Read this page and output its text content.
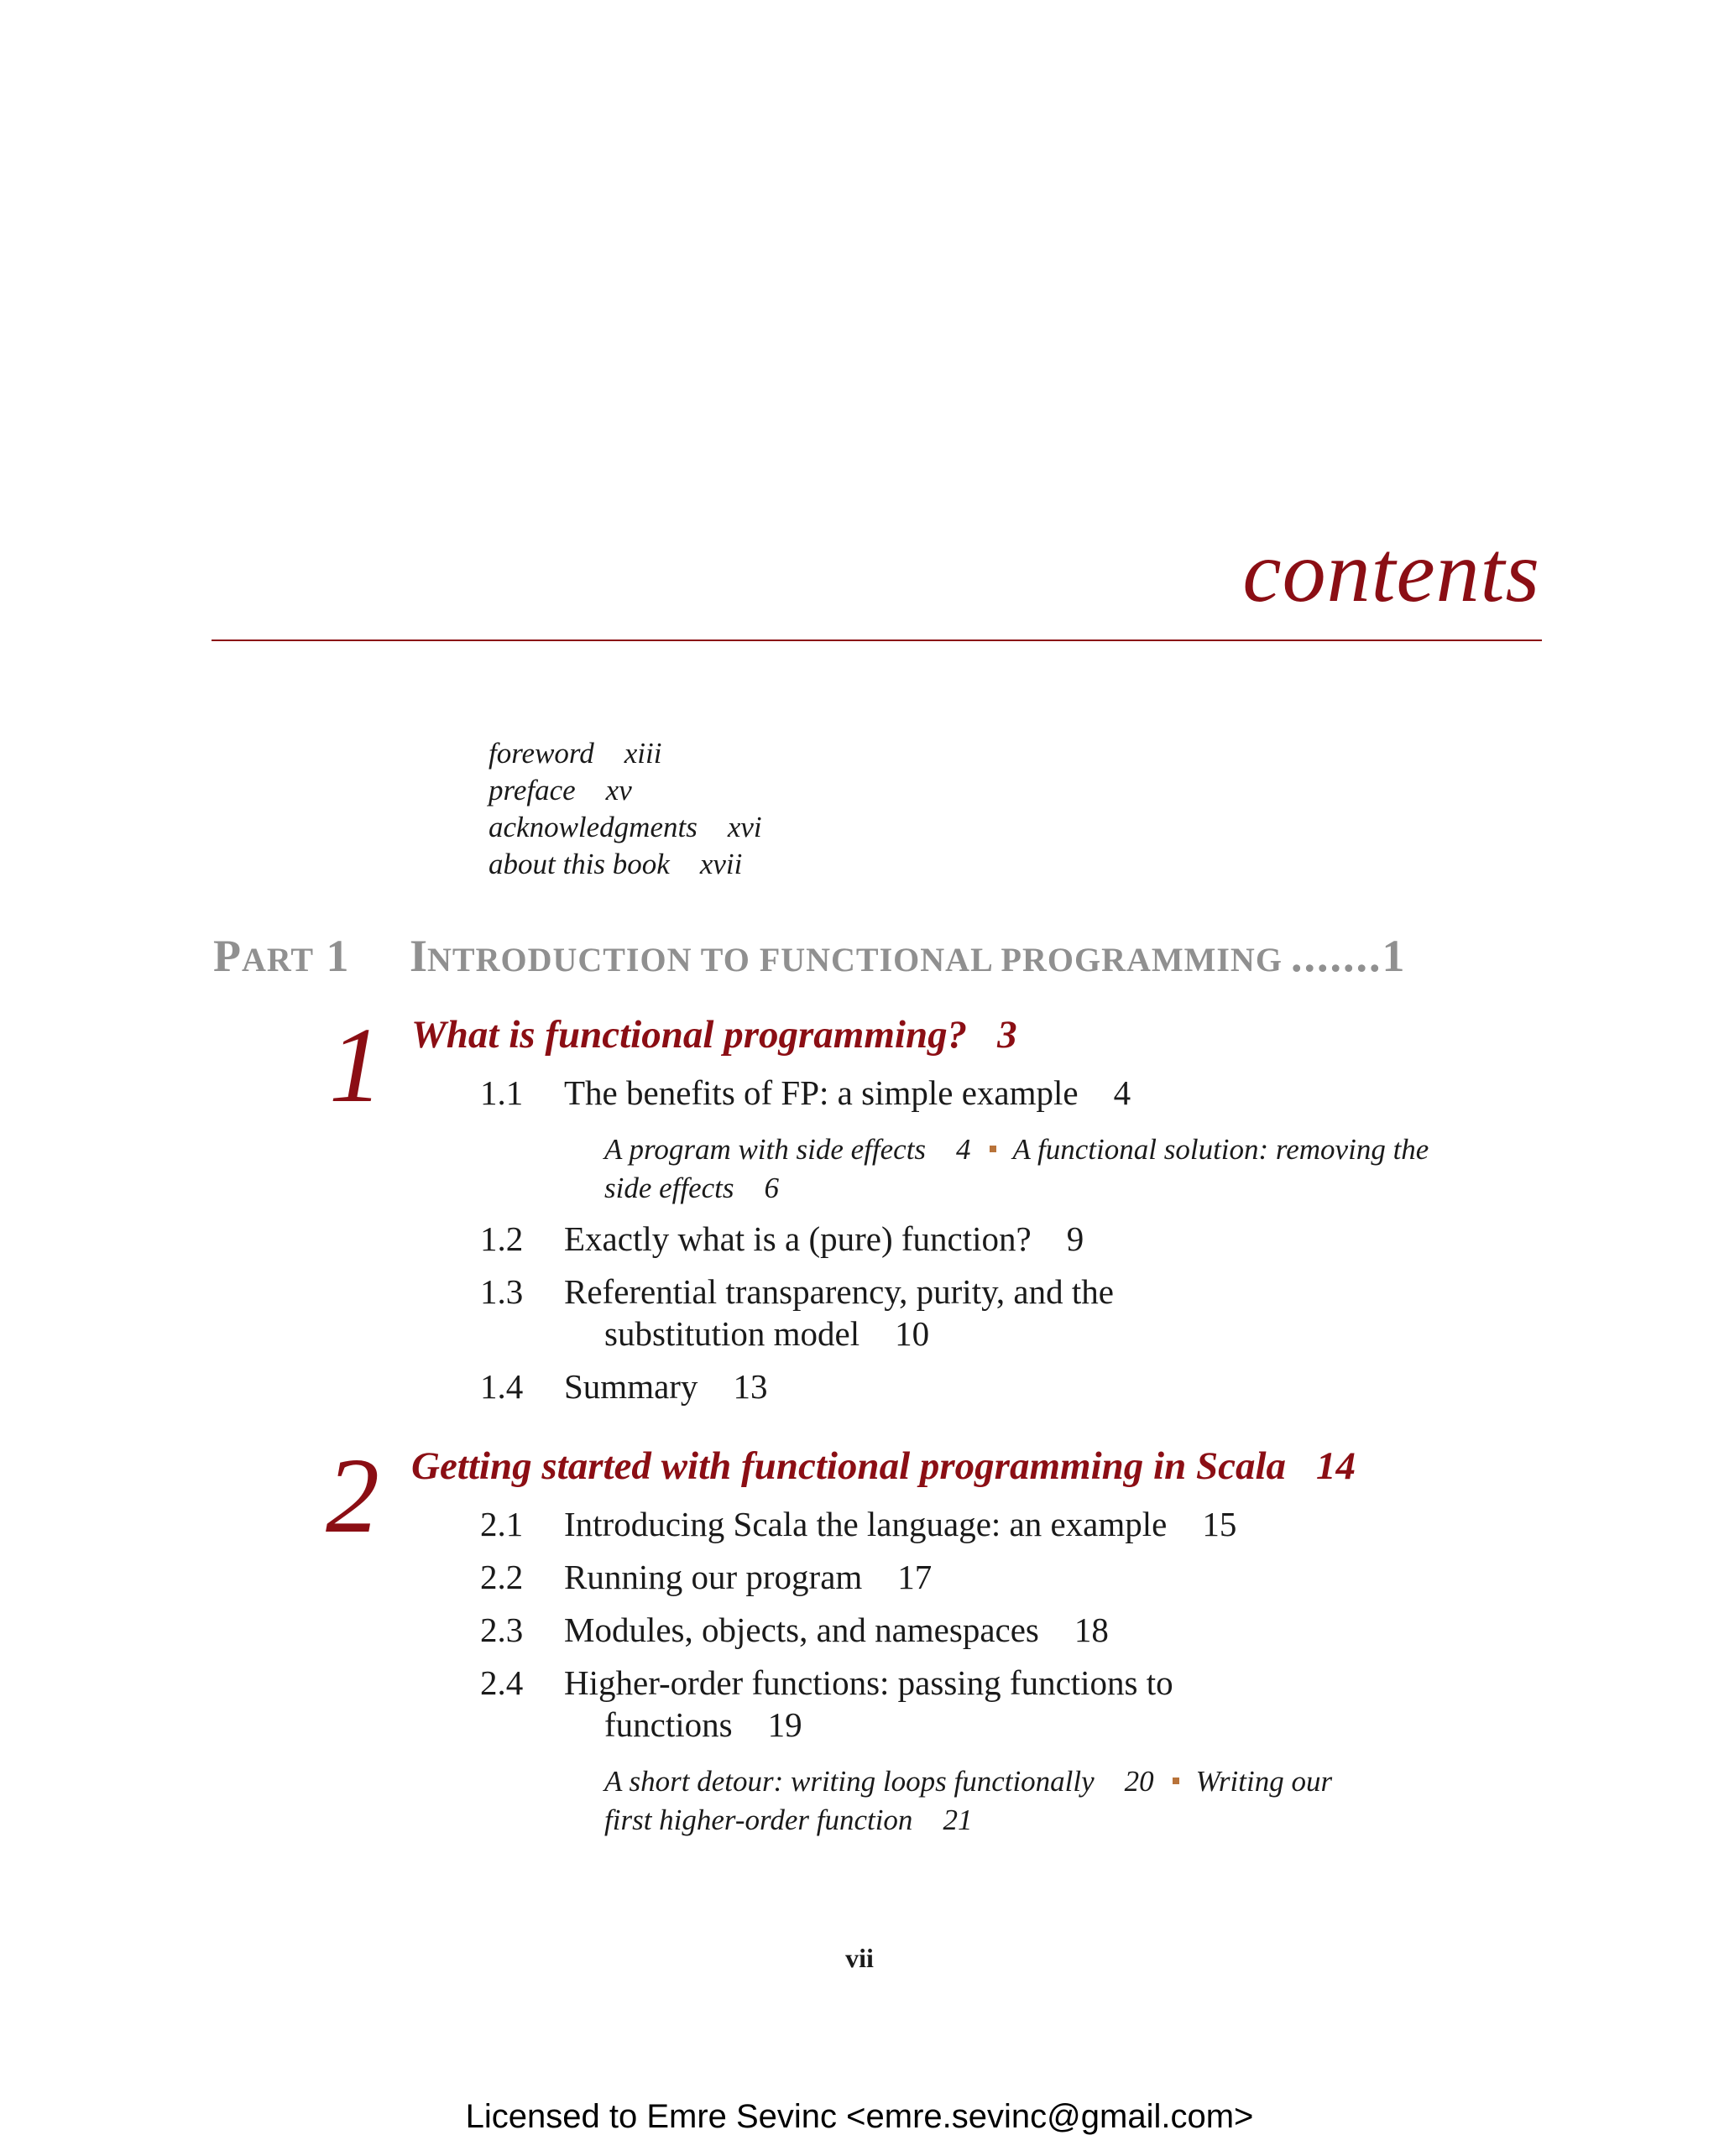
contents
foreword xiii
preface xv
acknowledgments xvi
about this book xvii
PART 1 INTRODUCTION TO FUNCTIONAL PROGRAMMING ....... 1
1 What is functional programming? 3
1.1 The benefits of FP: a simple example 4
A program with side effects 4 A functional solution: removing the
side effects 6
1.2 Exactly what is a (pure) function? 9
1.3 Referential transparency, purity, and the
substitution model 10
1.4 Summary 13
2 Getting started with functional programming in Scala 14
2.1 Introducing Scala the language: an example 15
2.2 Running our program 17
2.3 Modules, objects, and namespaces 18
2.4 Higher-order functions: passing functions to
functions 19
A short detour: writing loops functionally 20 Writing our
first higher-order function 21
vii
Licensed to Emre Sevinc <emre.sevinc@gmail.com>
